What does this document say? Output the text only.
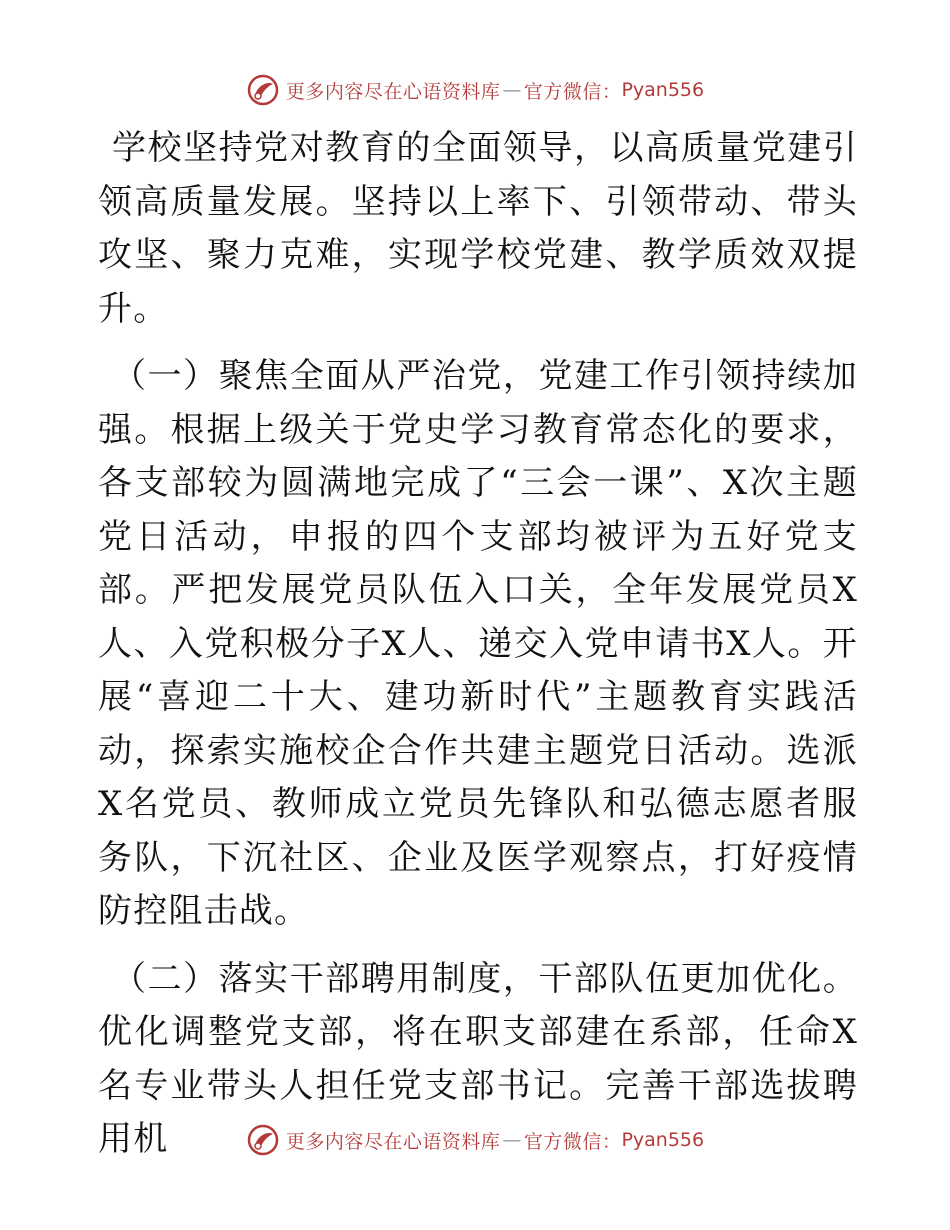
更多内容尽在心语资料库 — 官方微信： Pyan556

学校坚持党对教育的全面领导，以高质量党建引领高质量发展。坚持以上率下、引领带动、带头攻坚、聚力克难，实现学校党建、教学质效双提升。

（一）聚焦全面从严治党，党建工作引领持续加强。根据上级关于党史学习教育常态化的要求，各支部较为圆满地完成了“三会一课”、X次主题党日活动，申报的四个支部均被评为五好党支部。严把发展党员队伍入口关，全年发展党员X人、入党积极分子X人、递交入党申请书X人。开展“喜迎二十大、建功新时代”主题教育实践活动，探索实施校企合作共建主题党日活动。选派X名党员、教师成立党员先锋队和弘德志愿者服务队，下沉社区、企业及医学观察点，打好疫情防控阻击战。

（二）落实干部聘用制度，干部队伍更加优化。优化调整党支部，将在职支部建在系部，任命X名专业带头人担任党支部书记。完善干部选拔聘用机	更多内容尽在心语资料库 — 官方微信： Pyan556
